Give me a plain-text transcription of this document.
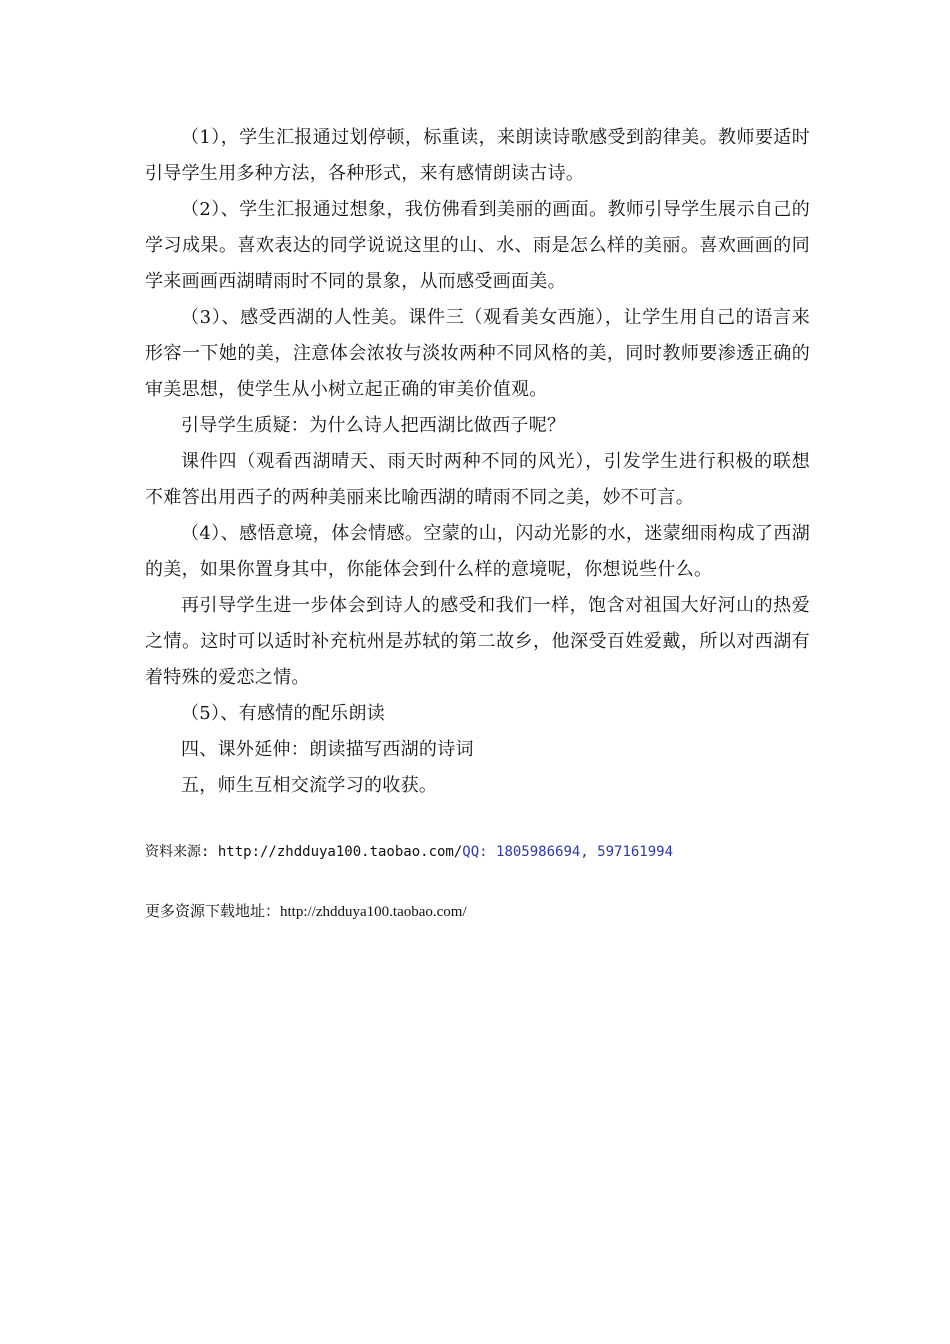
（1），学生汇报通过划停顿，标重读，来朗读诗歌感受到韵律美。教师要适时引导学生用多种方法，各种形式，来有感情朗读古诗。

（2）、学生汇报通过想象，我仿佛看到美丽的画面。教师引导学生展示自己的学习成果。喜欢表达的同学说说这里的山、水、雨是怎么样的美丽。喜欢画画的同学来画画西湖晴雨时不同的景象，从而感受画面美。

（3）、感受西湖的人性美。课件三（观看美女西施），让学生用自己的语言来形容一下她的美，注意体会浓妆与淡妆两种不同风格的美，同时教师要渗透正确的审美思想，使学生从小树立起正确的审美价值观。

引导学生质疑：为什么诗人把西湖比做西子呢？

课件四（观看西湖晴天、雨天时两种不同的风光），引发学生进行积极的联想不难答出用西子的两种美丽来比喻西湖的晴雨不同之美，妙不可言。

（4）、感悟意境，体会情感。空蒙的山，闪动光影的水，迷蒙细雨构成了西湖的美，如果你置身其中，你能体会到什么样的意境呢，你想说些什么。

再引导学生进一步体会到诗人的感受和我们一样，饱含对祖国大好河山的热爱之情。这时可以适时补充杭州是苏轼的第二故乡，他深受百姓爱戴，所以对西湖有着特殊的爱恋之情。

（5）、有感情的配乐朗读

四、课外延伸：朗读描写西湖的诗词

五，师生互相交流学习的收获。

资料来源: http://zhdduya100.taobao.com/QQ: 1805986694, 597161994
更多资源下载地址：http://zhdduya100.taobao.com/
